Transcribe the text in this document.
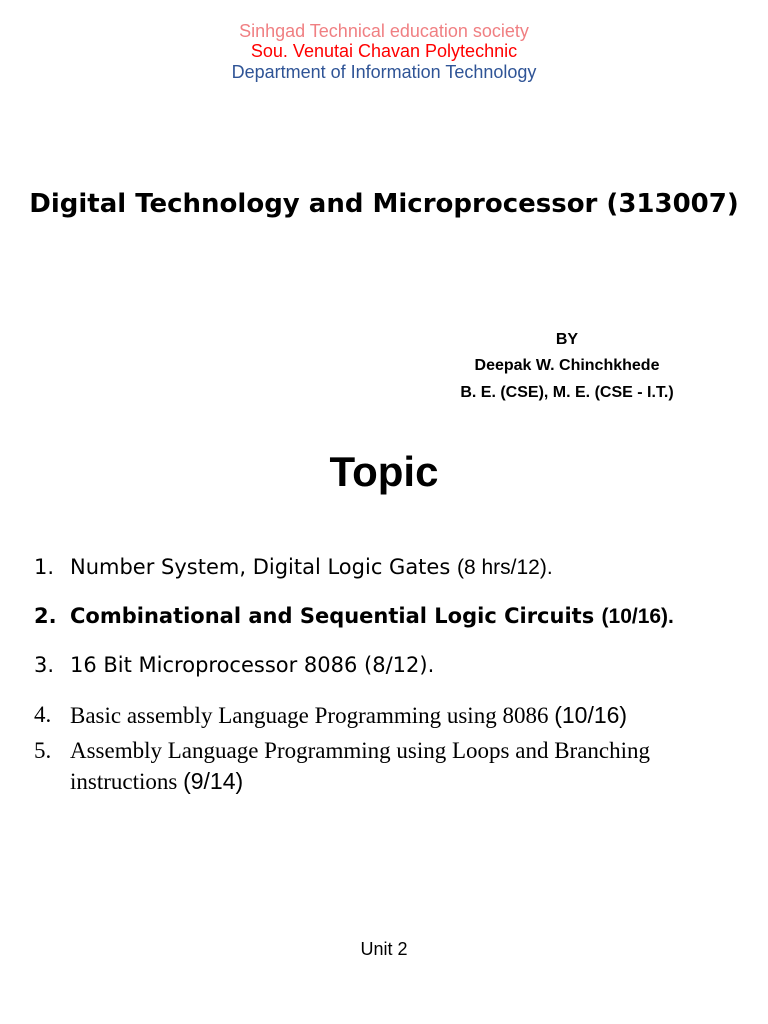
Sinhgad Technical education society
Sou. Venutai Chavan Polytechnic
Department of Information Technology
Digital Technology and Microprocessor (313007)
BY
Deepak W. Chinchkhede
B. E. (CSE), M. E. (CSE - I.T.)
Topic
1. Number System, Digital Logic Gates (8 hrs/12).
2. Combinational and Sequential Logic Circuits (10/16).
3. 16 Bit Microprocessor 8086 (8/12).
4. Basic assembly Language Programming using 8086 (10/16)
5. Assembly Language Programming using Loops and Branching instructions (9/14)
Unit 2
